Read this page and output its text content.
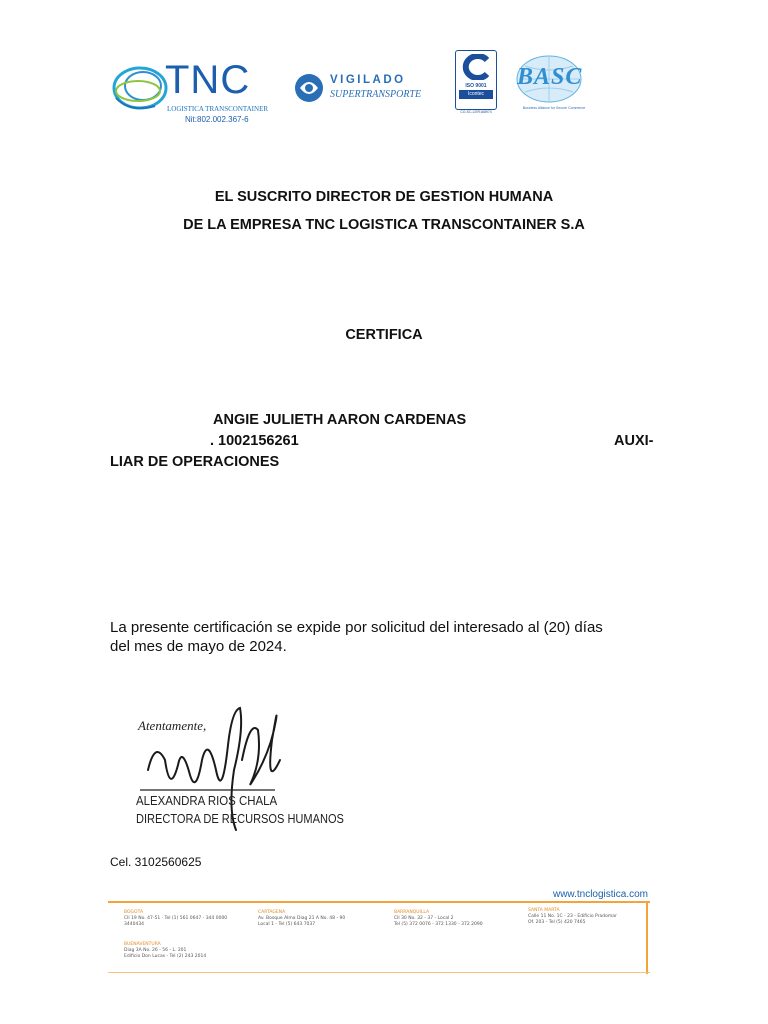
TNC
LOGISTICA TRANSCONTAINER
Nit:802.002.367-6
VIGILADO
SUPERTRANSPORTE
ISO 9001
Icontec
CO-SC-CER168974
BASC
Business Alliance for Secure Commerce
EL SUSCRITO DIRECTOR DE GESTION HUMANA
DE LA EMPRESA TNC LOGISTICA TRANSCONTAINER S.A
CERTIFICA
ANGIE JULIETH AARON CARDENAS
. 1002156261	AUXI-
LIAR DE OPERACIONES
La presente certificación se expide por solicitud del interesado al (20) días
del mes de mayo de 2024.
Atentamente,
ALEXANDRA RIOS CHALA
DIRECTORA DE RECURSOS HUMANOS
Cel. 3102560625
www.tnclogistica.com
BOGOTA
Cll 19 No. 47-51 · Tel (1) 561 0647 - 344 0000
3440434
CARTAGENA
Av. Bosque Alma Diag 21 A No. 48 - 90
Local 1 - Tel (5) 643 7037
BARRANQUILLA
Cll 30 No. 32 - 37 - Local 2
Tel (5) 372 0076 - 372 1330 - 372 2090
SANTA MARTA
Calle 11 No. 1C - 23 - Edificio Pradomar
Of. 203 - Tel (5) 420 7465
BUENAVENTURA
Diag 3A No. 26 - 56 - L. 201
Edificio Don Lucas - Tel (2) 243 2014
